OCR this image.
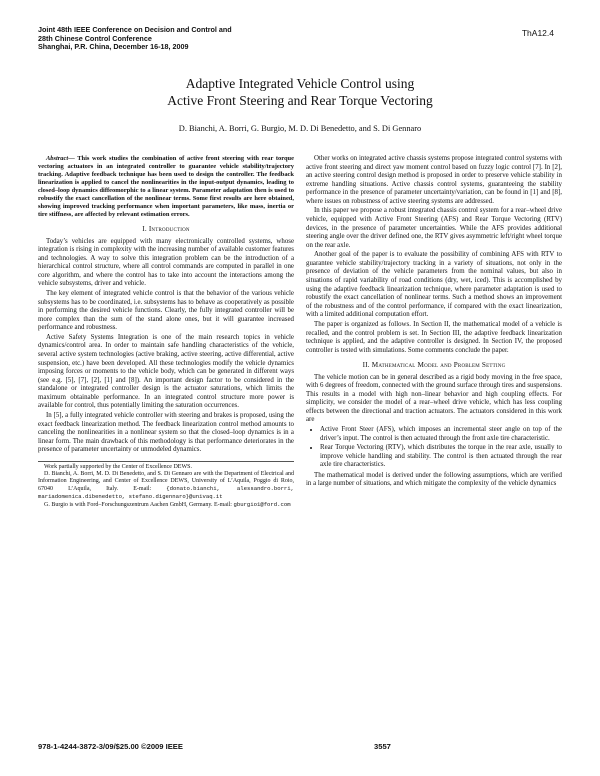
Joint 48th IEEE Conference on Decision and Control and
28th Chinese Control Conference
Shanghai, P.R. China, December 16-18, 2009

ThA12.4

Adaptive Integrated Vehicle Control using
Active Front Steering and Rear Torque Vectoring

D. Bianchi, A. Borri, G. Burgio, M. D. Di Benedetto, and S. Di Gennaro

Abstract— This work studies the combination of active front steering with rear torque vectoring actuators in an integrated controller to guarantee vehicle stability/trajectory tracking. Adaptive feedback technique has been used to design the controller. The feedback linearization is applied to cancel the nonlinearities in the input-output dynamics, leading to closed–loop dynamics diffeomorphic to a linear system. Parameter adaptation then is used to robustify the exact cancellation of the nonlinear terms. Some first results are here obtained, showing improved tracking performance when important parameters, like mass, inertia or tire stiffness, are affected by relevant estimation errors.

I. Introduction

Today’s vehicles are equipped with many electronically controlled systems, whose integration is rising in complexity with the increasing number of available customer features and technologies. A way to solve this integration problem can be the introduction of a hierarchical control structure, where all control commands are computed in parallel in one core algorithm, and where the control has to take into account the interactions among the vehicle subsystems, driver and vehicle.

The key element of integrated vehicle control is that the behavior of the various vehicle subsystems has to be coordinated, i.e. subsystems has to behave as cooperatively as possible in performing the desired vehicle functions. Clearly, the fully integrated controller will be more complex than the sum of the stand alone ones, but it will guarantee increased performance and robustness.

Active Safety Systems Integration is one of the main research topics in vehicle dynamics/control area. In order to maintain safe handling characteristics of the vehicle, several active system technologies (active braking, active steering, active differential, active suspension, etc.) have been developed. All these technologies modify the vehicle dynamics imposing forces or moments to the vehicle body, which can be generated in different ways (see e.g. [5], [7], [2], [1] and [8]). An important design factor to be considered in the standalone or integrated controller design is the actuator saturations, which limits the maximum obtainable performance. In an integrated control structure more power is available for control, thus potentially limiting the saturation occurrences.

In [5], a fully integrated vehicle controller with steering and brakes is proposed, using the exact feedback linearization method. The feedback linearization control method amounts to canceling the nonlinearities in a nonlinear system so that the closed–loop dynamics is in a linear form. The main drawback of this methodology is that performance deteriorates in the presence of parameter uncertainty or unmodeled dynamics.

Work partially supported by the Center of Excellence DEWS.

D. Bianchi, A. Borri, M. D. Di Benedetto, and S. Di Gennaro are with the Department of Electrical and Information Engineering, and Center of Excellence DEWS, University of L’Aquila, Poggio di Roio, 67040 L’Aquila, Italy. E-mail:	{donato.bianchi, alessandro.borri, mariadomenica.dibenedetto, stefano.digennaro}@univaq.it

G. Burgio is with Ford–Forschungszentrum Aachen GmbH, Germany. E-mail: gburgio1@ford.com

Other works on integrated active chassis systems propose integrated control systems with active front steering and direct yaw moment control based on fuzzy logic control [7]. In [2], an active steering control design method is proposed in order to preserve vehicle stability in extreme handling situations. Active chassis control systems, guaranteeing the stability performance in the presence of parameter uncertainty/variation, can be found in [1] and [8], where issues on robustness of active steering systems are addressed.

In this paper we propose a robust integrated chassis control system for a rear–wheel drive vehicle, equipped with Active Front Steering (AFS) and Rear Torque Vectoring (RTV) devices, in the presence of parameter uncertainties. While the AFS provides additional steering angle over the driver defined one, the RTV gives asymmetric left/right wheel torque on the rear axle.

Another goal of the paper is to evaluate the possibility of combining AFS with RTV to guarantee vehicle stability/trajectory tracking in a variety of situations, not only in the presence of deviation of the vehicle parameters from the nominal values, but also in situations of rapid variability of road conditions (dry, wet, iced). This is accomplished by using the adaptive feedback linearization technique, where parameter adaptation is used to robustify the exact cancellation of nonlinear terms. Such a method shows an improvement of the robustness and of the control performance, if compared with the exact linearization, with a limited additional computation effort.

The paper is organized as follows. In Section II, the mathematical model of a vehicle is recalled, and the control problem is set. In Section III, the adaptive feedback linearization technique is applied, and the adaptive controller is designed. In Section IV, the proposed controller is tested with simulations. Some comments conclude the paper.

II. Mathematical Model and Problem Setting

The vehicle motion can be in general described as a rigid body moving in the free space, with 6 degrees of freedom, connected with the ground surface through tires and suspensions. This results in a model with high non–linear behavior and high coupling effects. For simplicity, we consider the model of a rear–wheel drive vehicle, which has less coupling effects between the directional and traction actuators. The actuators considered in this work are

• Active Front Steer (AFS), which imposes an incremental steer angle on top of the driver’s input. The control is then actuated through the front axle tire characteristic.
• Rear Torque Vectoring (RTV), which distributes the torque in the rear axle, usually to improve vehicle handling and stability. The control is then actuated through the rear axle tire characteristics.

The mathematical model is derived under the following assumptions, which are verified in a large number of situations, and which mitigate the complexity of the vehicle dynamics

978-1-4244-3872-3/09/$25.00 ©2009 IEEE	3557
